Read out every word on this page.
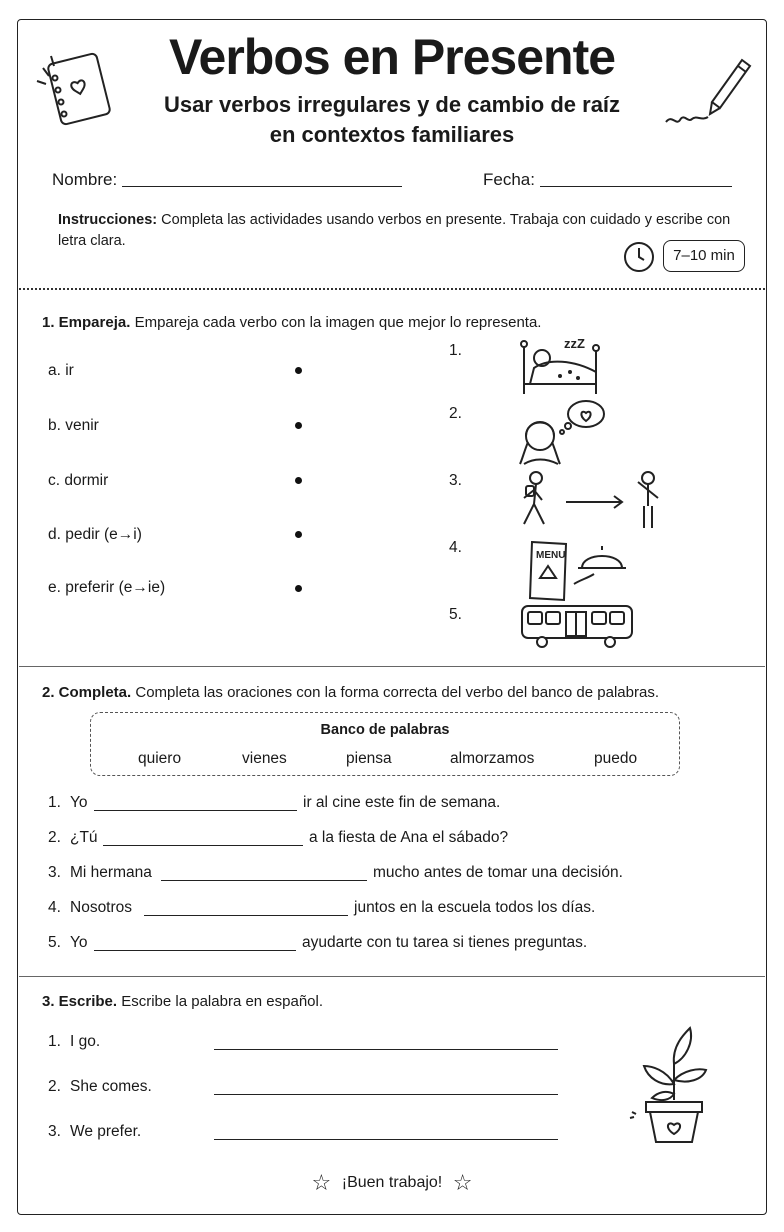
Verbos en Presente
Usar verbos irregulares y de cambio de raíz
en contextos familiares
Nombre:	Fecha:
Instrucciones: Completa las actividades usando verbos en presente. Trabaja con cuidado y escribe con letra clara.
7–10 min
1. Empareja. Empareja cada verbo con la imagen que mejor lo representa.
a. ir
b. venir
c. dormir
d. pedir (e→i)
e. preferir (e→ie)
1.
2.
3.
4.
5.
zzZ
MENU
2. Completa. Completa las oraciones con la forma correcta del verbo del banco de palabras.
Banco de palabras
quiero	vienes	piensa	almorzamos	puedo
1. Yo	ir al cine este fin de semana.
2. ¿Tú	a la fiesta de Ana el sábado?
3. Mi hermana	mucho antes de tomar una decisión.
4. Nosotros	juntos en la escuela todos los días.
5. Yo	ayudarte con tu tarea si tienes preguntas.
3. Escribe. Escribe la palabra en español.
1. I go.
2. She comes.
3. We prefer.
☆ ¡Buen trabajo! ☆
